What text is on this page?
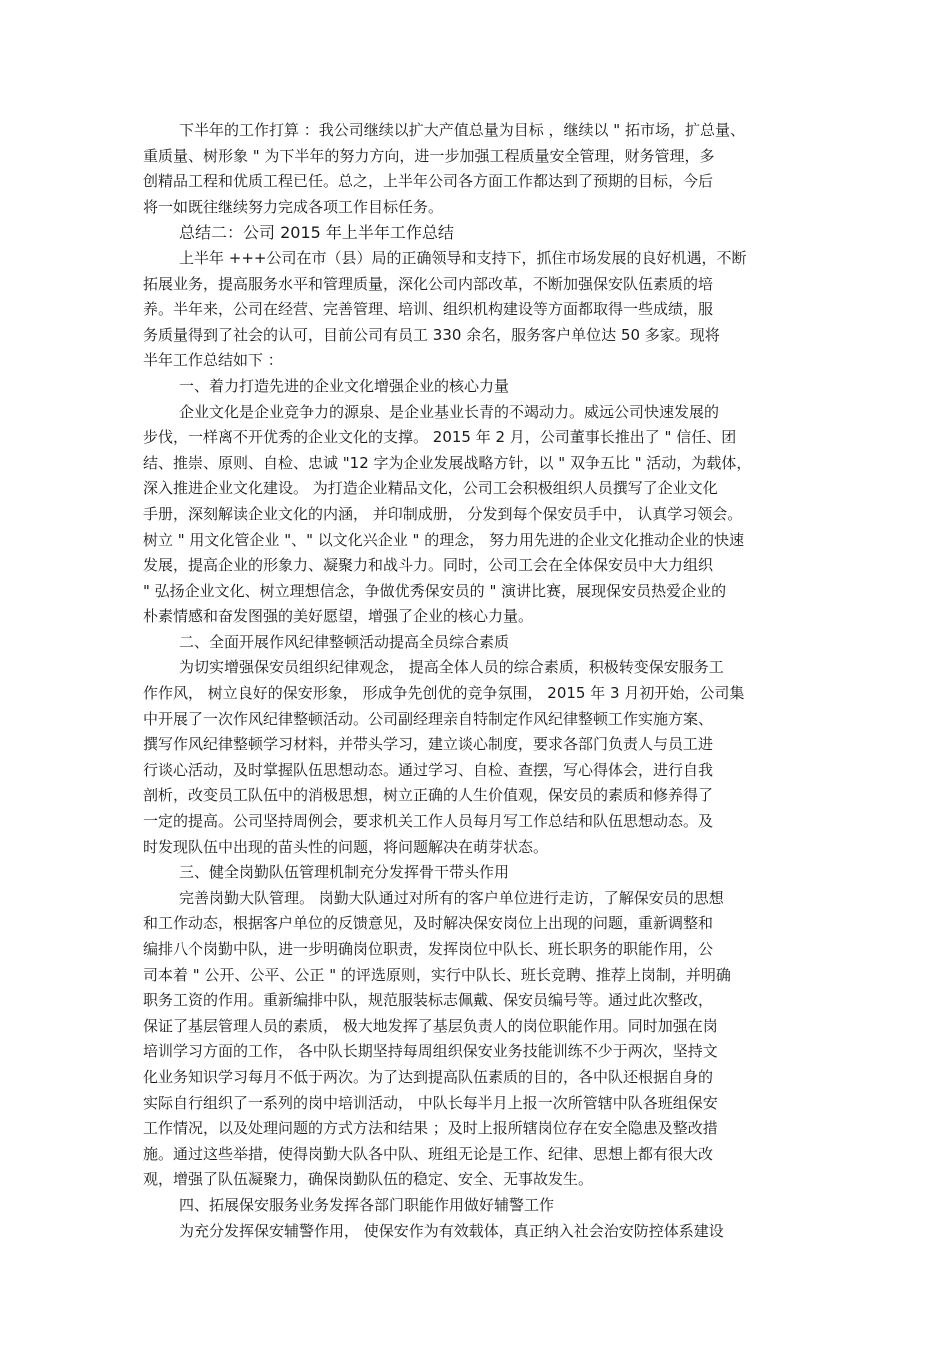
下半年的工作打算 ：我公司继续以扩大产值总量为目标 ，继续以 " 拓市场，扩总量、
重质量、树形象 " 为下半年的努力方向，进一步加强工程质量安全管理，财务管理，多
创精品工程和优质工程已任。总之，上半年公司各方面工作都达到了预期的目标，今后
将一如既往继续努力完成各项工作目标任务。
总结二：公司 2015 年上半年工作总结
上半年 +++公司在市（县）局的正确领导和支持下，抓住市场发展的良好机遇，不断
拓展业务，提高服务水平和管理质量，深化公司内部改革，不断加强保安队伍素质的培
养。半年来，公司在经营、完善管理、培训、组织机构建设等方面都取得一些成绩，服
务质量得到了社会的认可，目前公司有员工 330 余名，服务客户单位达 50 多家。现将
半年工作总结如下 ：
一、着力打造先进的企业文化增强企业的核心力量
企业文化是企业竞争力的源泉、是企业基业长青的不竭动力。威远公司快速发展的
步伐，一样离不开优秀的企业文化的支撑。 2015 年 2 月，公司董事长推出了 " 信任、团
结、推崇、原则、自检、忠诚 "12 字为企业发展战略方针，以 " 双争五比 " 活动，为载体，
深入推进企业文化建设。 为打造企业精品文化，公司工会积极组织人员撰写了企业文化
手册，深刻解读企业文化的内涵， 并印制成册， 分发到每个保安员手中， 认真学习领会。
树立 " 用文化管企业 "、" 以文化兴企业 " 的理念， 努力用先进的企业文化推动企业的快速
发展，提高企业的形象力、凝聚力和战斗力。同时，公司工会在全体保安员中大力组织
" 弘扬企业文化、树立理想信念，争做优秀保安员的 " 演讲比赛，展现保安员热爱企业的
朴素情感和奋发图强的美好愿望，增强了企业的核心力量。
二、全面开展作风纪律整顿活动提高全员综合素质
为切实增强保安员组织纪律观念， 提高全体人员的综合素质，积极转变保安服务工
作作风， 树立良好的保安形象， 形成争先创优的竞争氛围， 2015 年 3 月初开始，公司集
中开展了一次作风纪律整顿活动。公司副经理亲自特制定作风纪律整顿工作实施方案、
撰写作风纪律整顿学习材料，并带头学习，建立谈心制度，要求各部门负责人与员工进
行谈心活动，及时掌握队伍思想动态。通过学习、自检、查摆，写心得体会，进行自我
剖析，改变员工队伍中的消极思想，树立正确的人生价值观，保安员的素质和修养得了
一定的提高。公司坚持周例会，要求机关工作人员每月写工作总结和队伍思想动态。及
时发现队伍中出现的苗头性的问题，将问题解决在萌芽状态。
三、健全岗勤队伍管理机制充分发挥骨干带头作用
完善岗勤大队管理。 岗勤大队通过对所有的客户单位进行走访，了解保安员的思想
和工作动态，根据客户单位的反馈意见，及时解决保安岗位上出现的问题，重新调整和
编排八个岗勤中队，进一步明确岗位职责，发挥岗位中队长、班长职务的职能作用，公
司本着 " 公开、公平、公正 " 的评选原则，实行中队长、班长竞聘、推荐上岗制，并明确
职务工资的作用。重新编排中队，规范服装标志佩戴、保安员编号等。通过此次整改，
保证了基层管理人员的素质， 极大地发挥了基层负责人的岗位职能作用。同时加强在岗
培训学习方面的工作， 各中队长期坚持每周组织保安业务技能训练不少于两次，坚持文
化业务知识学习每月不低于两次。为了达到提高队伍素质的目的，各中队还根据自身的
实际自行组织了一系列的岗中培训活动， 中队长每半月上报一次所管辖中队各班组保安
工作情况，以及处理问题的方式方法和结果 ；及时上报所辖岗位存在安全隐患及整改措
施。通过这些举措，使得岗勤大队各中队、班组无论是工作、纪律、思想上都有很大改
观，增强了队伍凝聚力，确保岗勤队伍的稳定、安全、无事故发生。
四、拓展保安服务业务发挥各部门职能作用做好辅警工作
为充分发挥保安辅警作用， 使保安作为有效载体，真正纳入社会治安防控体系建设
